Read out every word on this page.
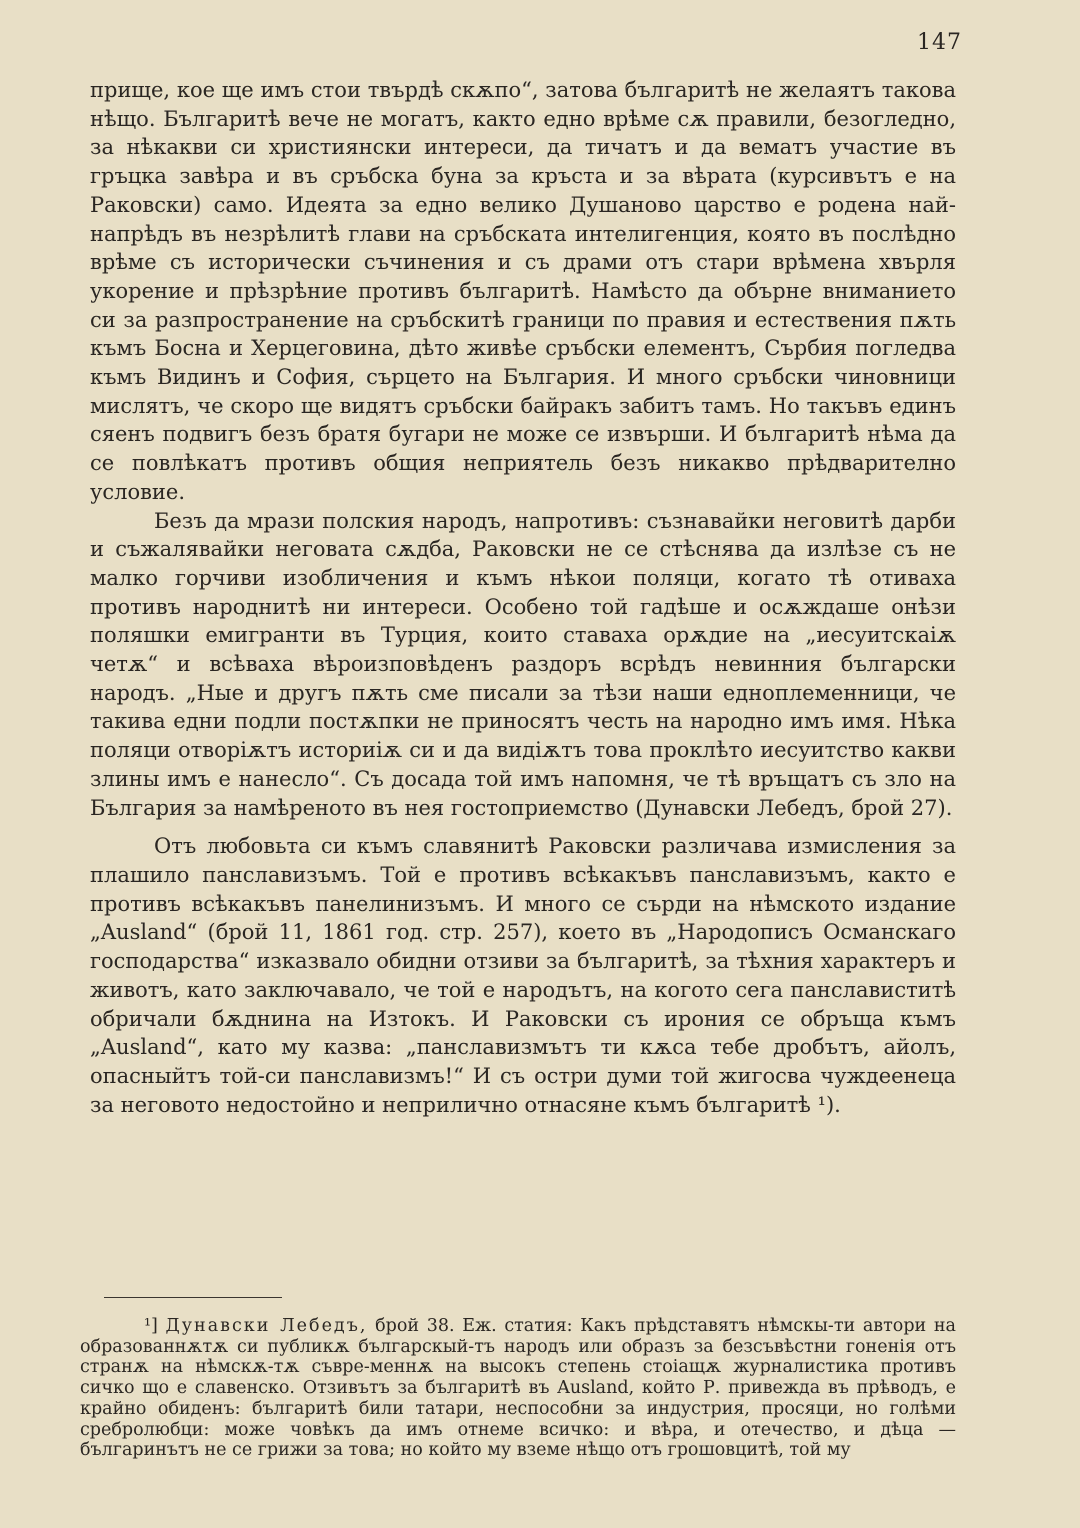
147

прище, кое ще имъ стои твърдѣ скѫпо“, затова българитѣ не желаятъ такова нѣщо. Българитѣ вече не могатъ, както едно врѣме сѫ правили, безогледно, за нѣкакви си християнски интереси, да тичатъ и да вематъ участие въ гръцка завѣра и въ сръбска буна за кръста и за вѣрата (курсивътъ е на Раковски) само. Идеята за едно велико Душаново царство е родена най-напрѣдъ въ незрѣлитѣ глави на сръбската интелигенция, която въ послѣдно врѣме съ исторически съчинения и съ драми отъ стари врѣмена хвърля укорение и прѣзрѣние противъ българитѣ. Намѣсто да обърне вниманието си за разпространение на сръбскитѣ граници по правия и естествения пѫть къмъ Босна и Херцеговина, дѣто живѣе сръбски елементъ, Сърбия погледва къмъ Видинъ и София, сърцето на България. И много сръбски чиновници мислятъ, че скоро ще видятъ сръбски байракъ забитъ тамъ. Но такъвъ единъ сяенъ подвигъ безъ братя бугари не може се извърши. И българитѣ нѣма да се повлѣкатъ противъ общия неприятель безъ никакво прѣдварително условие.

Безъ да мрази полския народъ, напротивъ: съзнавайки неговитѣ дарби и съжалявайки неговата сѫдба, Раковски не се стѣснява да излѣзе съ не малко горчиви изобличения и къмъ нѣкои поляци, когато тѣ отиваха противъ народнитѣ ни интереси. Особено той гадѣше и осѫждаше онѣзи поляшки емигранти въ Турция, които ставаха орѫдие на „иесуитскаiѫ четѫ“ и всѣваха вѣроизповѣденъ раздоръ всрѣдъ невинния български народъ. „Ные и другъ пѫть сме писали за тѣзи наши едноплеменници, че такива едни подли постѫпки не приносятъ честь на народно имъ имя. Нѣка поляци отворiѫтъ историiѫ си и да видiѫтъ това проклѣто иесуитство какви злины имъ е нанесло“. Съ досада той имъ напомня, че тѣ връщатъ съ зло на България за намѣреното въ нея гостоприемство (Дунавски Лебедъ, брой 27).

Отъ любовьта си къмъ славянитѣ Раковски различава измисления за плашило панславизъмъ. Той е противъ всѣкакъвъ панславизъмъ, както е противъ всѣкакъвъ панелинизъмъ. И много се сърди на нѣмското издание „Ausland“ (брой 11, 1861 год. стр. 257), което въ „Народописъ Османскаго господарства“ изказвало обидни отзиви за българитѣ, за тѣхния характеръ и животъ, като заключавало, че той е народътъ, на когото сега панславиститѣ обричали бѫднина на Изтокъ. И Раковски съ ирония се обръща къмъ „Ausland“, като му казва: „панславизмътъ ти кѫса тебе дробътъ, айолъ, опасныйтъ той-си панславизмъ!“ И съ остри думи той жигосва чуждеенеца за неговото недостойно и неприлично отнасяне къмъ българитѣ ¹).

¹] Дунавски Лебедъ, брой 38. Еж. статия: Какъ прѣдставятъ нѣмскы-ти автори на образованнѫтѫ си публикѫ българскый-тъ народъ или образъ за безсъвѣстни гоненiя отъ странѫ на нѣмскѫ-тѫ съвре-меннѫ на высокъ степень стоiащѫ журналистика противъ сичко що е славенско. Отзивътъ за българитѣ въ Ausland, който Р. привежда въ прѣводъ, е крайно обиденъ: българитѣ били татари, неспособни за индустрия, просяци, но голѣми сребролюбци: може човѣкъ да имъ отнеме всичко: и вѣра, и отечество, и дѣца — българинътъ не се грижи за това; но който му вземе нѣщо отъ грошовцитѣ, той му
